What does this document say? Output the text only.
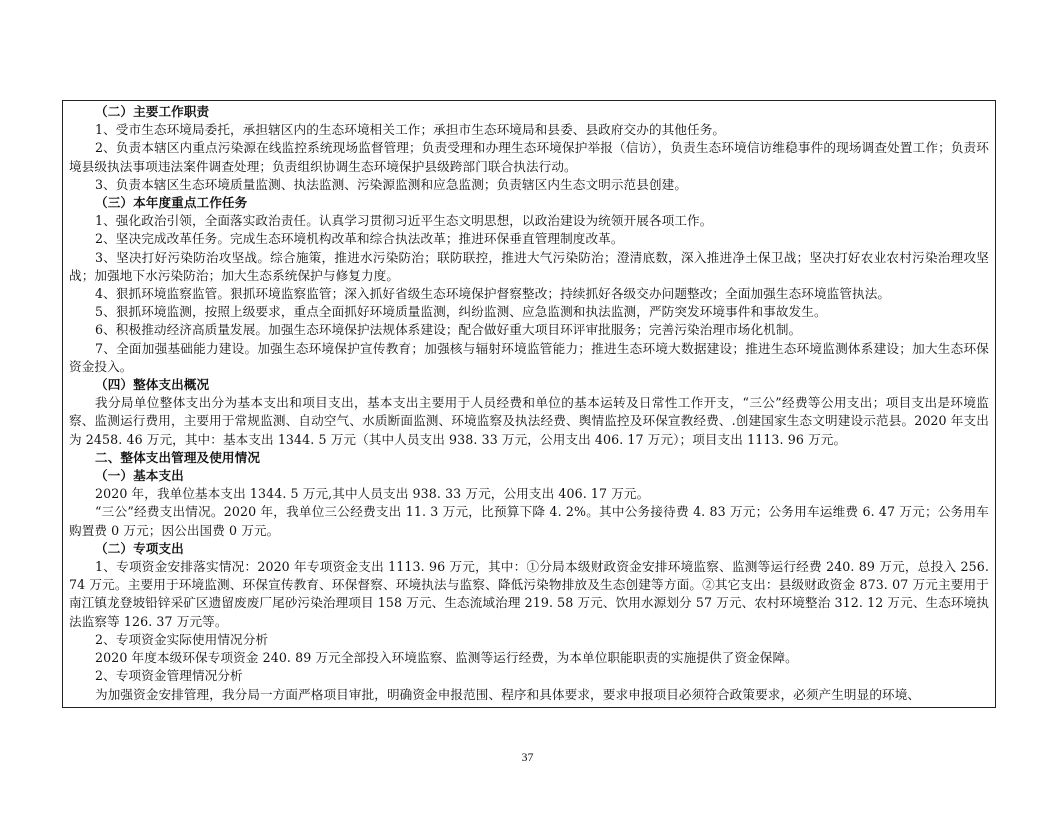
（二）主要工作职责
1、受市生态环境局委托，承担辖区内的生态环境相关工作；承担市生态环境局和县委、县政府交办的其他任务。
2、负责本辖区内重点污染源在线监控系统现场监督管理；负责受理和办理生态环境保护举报（信访），负责生态环境信访维稳事件的现场调查处置工作；负责环境县级执法事项违法案件调查处理；负责组织协调生态环境保护县级跨部门联合执法行动。
3、负责本辖区生态环境质量监测、执法监测、污染源监测和应急监测；负责辖区内生态文明示范县创建。
（三）本年度重点工作任务
1、强化政治引领，全面落实政治责任。认真学习贯彻习近平生态文明思想，以政治建设为统领开展各项工作。
2、坚决完成改革任务。完成生态环境机构改革和综合执法改革；推进环保垂直管理制度改革。
3、坚决打好污染防治攻坚战。综合施策，推进水污染防治；联防联控，推进大气污染防治；澄清底数，深入推进净土保卫战；坚决打好农业农村污染治理攻坚战；加强地下水污染防治；加大生态系统保护与修复力度。
4、狠抓环境监察监管。狠抓环境监察监管；深入抓好省级生态环境保护督察整改；持续抓好各级交办问题整改；全面加强生态环境监管执法。
5、狠抓环境监测，按照上级要求，重点全面抓好环境质量监测，纠纷监测、应急监测和执法监测，严防突发环境事件和事故发生。
6、积极推动经济高质量发展。加强生态环境保护法规体系建设；配合做好重大项目环评审批服务；完善污染治理市场化机制。
7、全面加强基础能力建设。加强生态环境保护宣传教育；加强核与辐射环境监管能力；推进生态环境大数据建设；推进生态环境监测体系建设；加大生态环保资金投入。
（四）整体支出概况
我分局单位整体支出分为基本支出和项目支出，基本支出主要用于人员经费和单位的基本运转及日常性工作开支，“三公”经费等公用支出；项目支出是环境监察、监测运行费用，主要用于常规监测、自动空气、水质断面监测、环境监察及执法经费、舆情监控及环保宣教经费、.创建国家生态文明建设示范县。2020 年支出为 2458. 46 万元，其中：基本支出 1344. 5 万元（其中人员支出 938. 33 万元，公用支出 406. 17 万元）；项目支出 1113. 96 万元。
二、整体支出管理及使用情况
（一）基本支出
2020 年，我单位基本支出 1344. 5 万元,其中人员支出 938. 33 万元，公用支出 406. 17 万元。
“三公”经费支出情况。2020 年，我单位三公经费支出 11. 3 万元，比预算下降 4. 2%。其中公务接待费 4. 83 万元；公务用车运维费 6. 47 万元；公务用车购置费 0 万元；因公出国费 0 万元。
（二）专项支出
1、专项资金安排落实情况：2020 年专项资金支出 1113. 96 万元，其中：①分局本级财政资金安排环境监察、监测等运行经费 240. 89 万元，总投入 256. 74 万元。主要用于环境监测、环保宣传教育、环保督察、环境执法与监察、降低污染物排放及生态创建等方面。②其它支出：县级财政资金 873. 07 万元主要用于南江镇龙登坡铅锌采矿区遗留废废厂尾砂污染治理项目 158 万元、生态流域治理 219. 58 万元、饮用水源划分 57 万元、农村环境整治 312. 12 万元、生态环境执法监察等 126. 37 万元等。
2、专项资金实际使用情况分析
2020 年度本级环保专项资金 240. 89 万元全部投入环境监察、监测等运行经费，为本单位职能职责的实施提供了资金保障。
2、专项资金管理情况分析
为加强资金安排管理，我分局一方面严格项目审批，明确资金申报范围、程序和具体要求，要求申报项目必须符合政策要求，必须产生明显的环境、
37
